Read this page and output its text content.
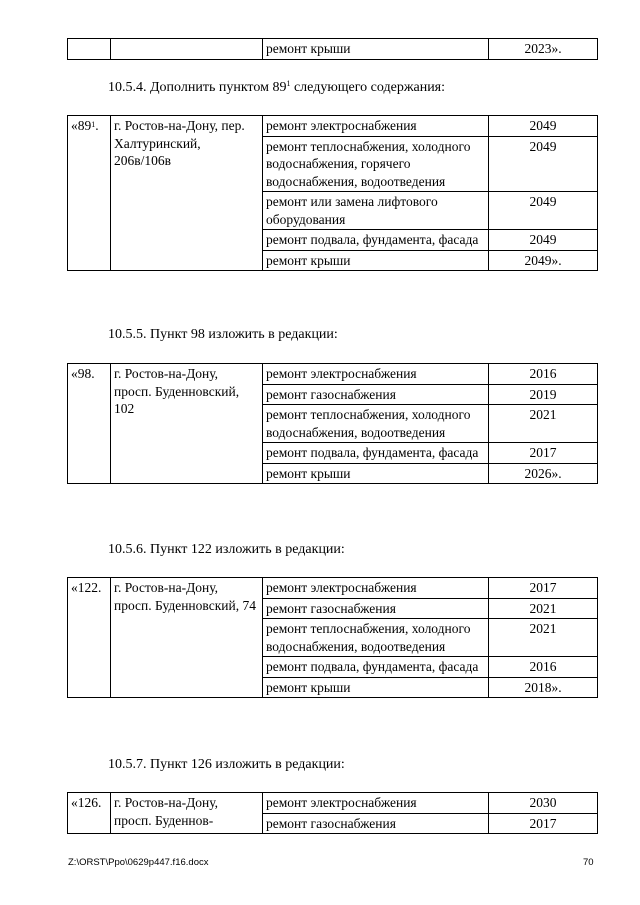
		ремонт крыши	2023».
10.5.4. Дополнить пунктом $89^1$ следующего содержания:
«$89^1$.	г. Ростов-на-Дону, пер. Халтуринский, 206в/106в	ремонт электроснабжения	2049
		ремонт теплоснабжения, холодного водоснабжения, горячего водоснабжения, водоотведения	2049
		ремонт или замена лифтового оборудования	2049
		ремонт подвала, фундамента, фасада	2049
		ремонт крыши	2049».
10.5.5. Пункт 98 изложить в редакции:
«98.	г. Ростов-на-Дону, просп. Буденновский, 102	ремонт электроснабжения	2016
		ремонт газоснабжения	2019
		ремонт теплоснабжения, холодного водоснабжения, водоотведения	2021
		ремонт подвала, фундамента, фасада	2017
		ремонт крыши	2026».
10.5.6. Пункт 122 изложить в редакции:
«122.	г. Ростов-на-Дону, просп. Буденновский, 74	ремонт электроснабжения	2017
		ремонт газоснабжения	2021
		ремонт теплоснабжения, холодного водоснабжения, водоотведения	2021
		ремонт подвала, фундамента, фасада	2016
		ремонт крыши	2018».
10.5.7. Пункт 126 изложить в редакции:
«126.	г. Ростов-на-Дону, просп. Буденнов-	ремонт электроснабжения	2030
		ремонт газоснабжения	2017
Z:\ORST\Ppo\0629p447.f16.docx	70
